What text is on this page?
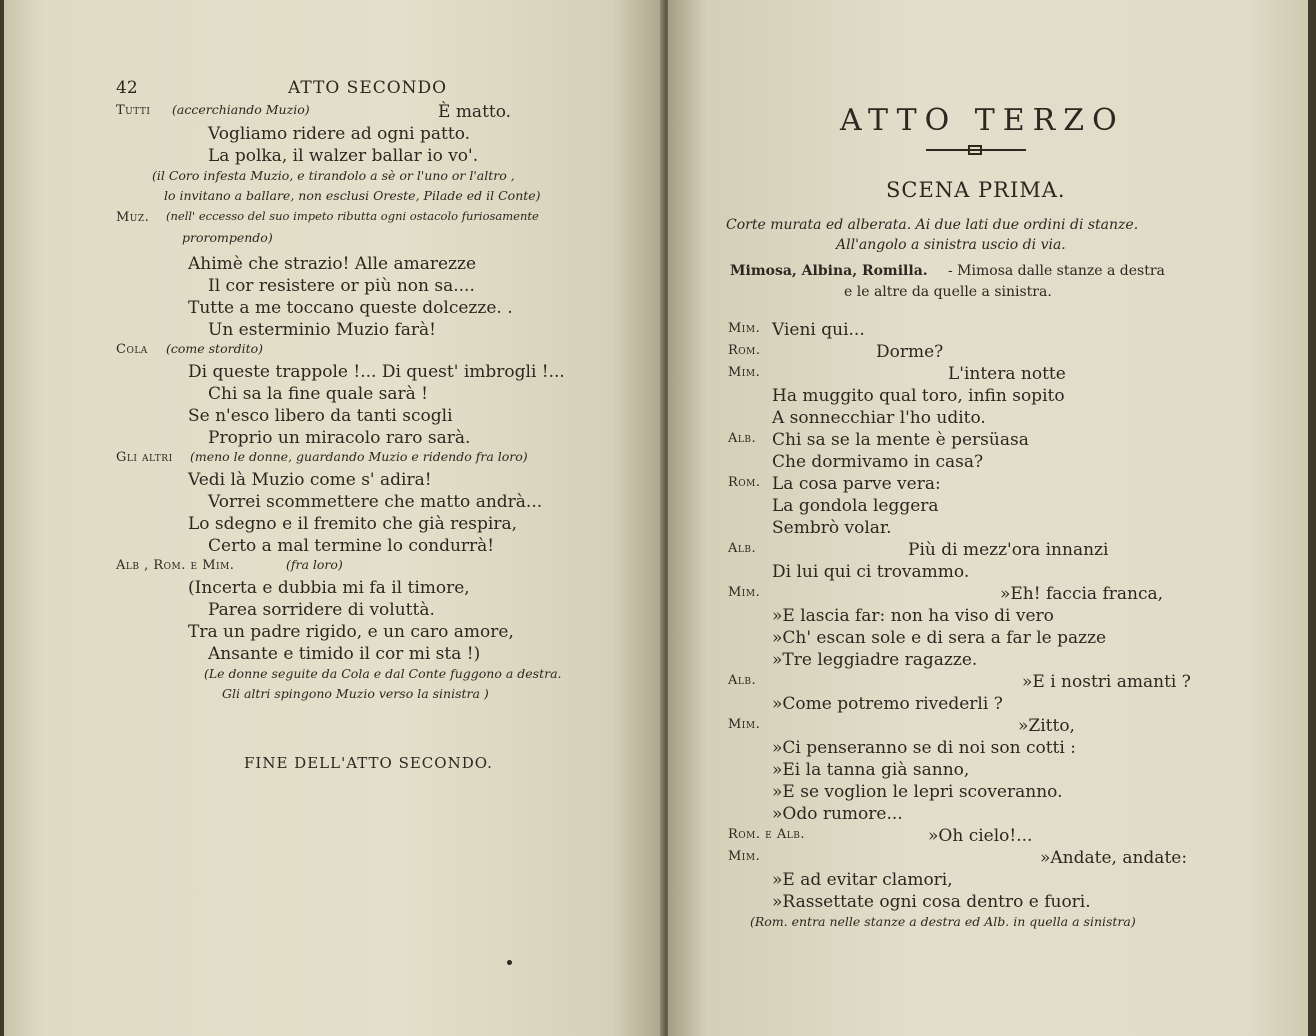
42	ATTO SECONDO
Tutti (accerchiando Muzio)	È matto.
Vogliamo ridere ad ogni patto.
La polka, il walzer ballar io vo'.
(il Coro infesta Muzio, e tirandolo a sè or l'uno or l'altro ,
lo invitano a ballare, non esclusi Oreste, Pilade ed il Conte)
Muz. (nell' eccesso del suo impeto ributta ogni ostacolo furiosamente
prorompendo)
Ahimè che strazio! Alle amarezze
Il cor resistere or più non sa....
Tutte a me toccano queste dolcezze. .
Un esterminio Muzio farà!
Cola (come stordito)
Di queste trappole !... Di quest' imbrogli !...
Chi sa la fine quale sarà !
Se n'esco libero da tanti scogli
Proprio un miracolo raro sarà.
Gli altri (meno le donne, guardando Muzio e ridendo fra loro)
Vedi là Muzio come s' adira!
Vorrei scommettere che matto andrà...
Lo sdegno e il fremito che già respira,
Certo a mal termine lo condurrà!
Alb , Rom. e Mim.	(fra loro)
(Incerta e dubbia mi fa il timore,
Parea sorridere di voluttà.
Tra un padre rigido, e un caro amore,
Ansante e timido il cor mi sta !)
(Le donne seguite da Cola e dal Conte fuggono a destra.
Gli altri spingono Muzio verso la sinistra )
FINE DELL'ATTO SECONDO.
ATTO TERZO
SCENA PRIMA.
Corte murata ed alberata. Ai due lati due ordini di stanze.
All'angolo a sinistra uscio di via.
Mimosa, Albina, Romilla. - Mimosa dalle stanze a destra
e le altre da quelle a sinistra.
Mim. Vieni qui...
Rom.	Dorme?
Mim.	L'intera notte
Ha muggito qual toro, infin sopito
A sonnecchiar l'ho udito.
Alb. Chi sa se la mente è persüasa
Che dormivamo in casa?
Rom. La cosa parve vera:
La gondola leggera
Sembrò volar.
Alb.	Più di mezz'ora innanzi
Di lui qui ci trovammo.
Mim.	»Eh! faccia franca,
»E lascia far: non ha viso di vero
»Ch' escan sole e di sera a far le pazze
»Tre leggiadre ragazze.
Alb.	»E i nostri amanti ?
»Come potremo rivederli ?
Mim.	»Zitto,
»Ci penseranno se di noi son cotti :
»Ei la tanna già sanno,
»E se voglion le lepri scoveranno.
»Odo rumore...
Rom. e Alb.	»Oh cielo!...
Mim.	»Andate, andate:
»E ad evitar clamori,
»Rassettate ogni cosa dentro e fuori.
(Rom. entra nelle stanze a destra ed Alb. in quella a sinistra)
